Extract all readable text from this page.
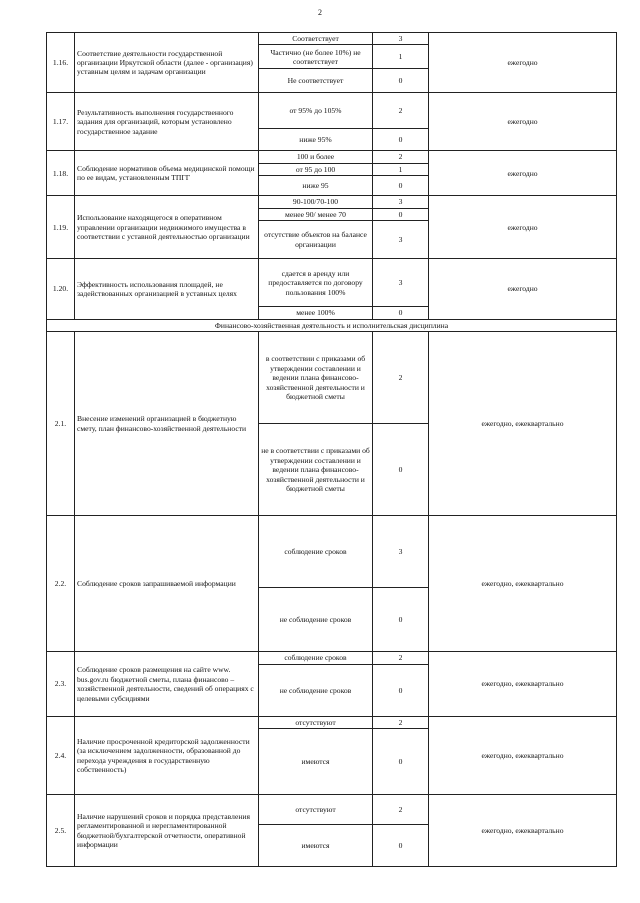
2
1.16.	Соответствие деятельности государственной организации Иркутской области (далее - организация) уставным целям и задачам организации	Соответствует	3	ежегодно
		Частично (не более 10%) не соответствует	1	
		Не соответствует	0	
1.17.	Результативность выполнения государственного задания для организаций, которым установлено государственное задание	от 95% до 105%	2	ежегодно
		ниже 95%	0	
1.18.	Соблюдение нормативов объема медицинской помощи по ее видам, установленным ТПГГ	100 и более	2	ежегодно
		от 95 до 100	1	
		ниже 95	0	
1.19.	Использование находящегося в оперативном управлении организации недвижимого имущества в соответствии с уставной деятельностью организации	90-100/70-100	3	ежегодно
		менее 90/ менее 70	0	
		отсутствие объектов на балансе организации	3	
1.20.	Эффективность использования площадей, не задействованных организацией в уставных целях	сдается в аренду или предоставляется по договору пользования 100%	3	ежегодно
		менее 100%	0	
Финансово-хозяйственная деятельность и исполнительская дисциплина				
2.1.	Внесение изменений организацией в бюджетную смету, план финансово-хозяйственной деятельности	в соответствии с приказами об утверждении составлении и ведении плана финансово-хозяйственной деятельности и бюджетной сметы	2	ежегодно, ежеквартально
		не в соответствии с приказами об утверждении составлении и ведении плана финансово-хозяйственной деятельности и бюджетной сметы	0	
2.2.	Соблюдение сроков запрашиваемой информации	соблюдение сроков	3	ежегодно, ежеквартально
		не соблюдение сроков	0	
2.3.	Соблюдение сроков размещения на сайте www. bus.gov.ru бюджетной сметы, плана финансово – хозяйственной деятельности, сведений об операциях с целевыми субсидиями	соблюдение сроков	2	ежегодно, ежеквартально
		не соблюдение сроков	0	
2.4.	Наличие просроченной кредиторской задолженности (за исключением задолженности, образованной до перехода учреждения в государственную собственность)	отсутствуют	2	ежегодно, ежеквартально
		имеются	0	
2.5.	Наличие нарушений сроков и порядка представления регламентированной и нерегламентированной бюджетной/бухгалтерской отчетности, оперативной информации	отсутствуют	2	ежегодно, ежеквартально
		имеются	0	
